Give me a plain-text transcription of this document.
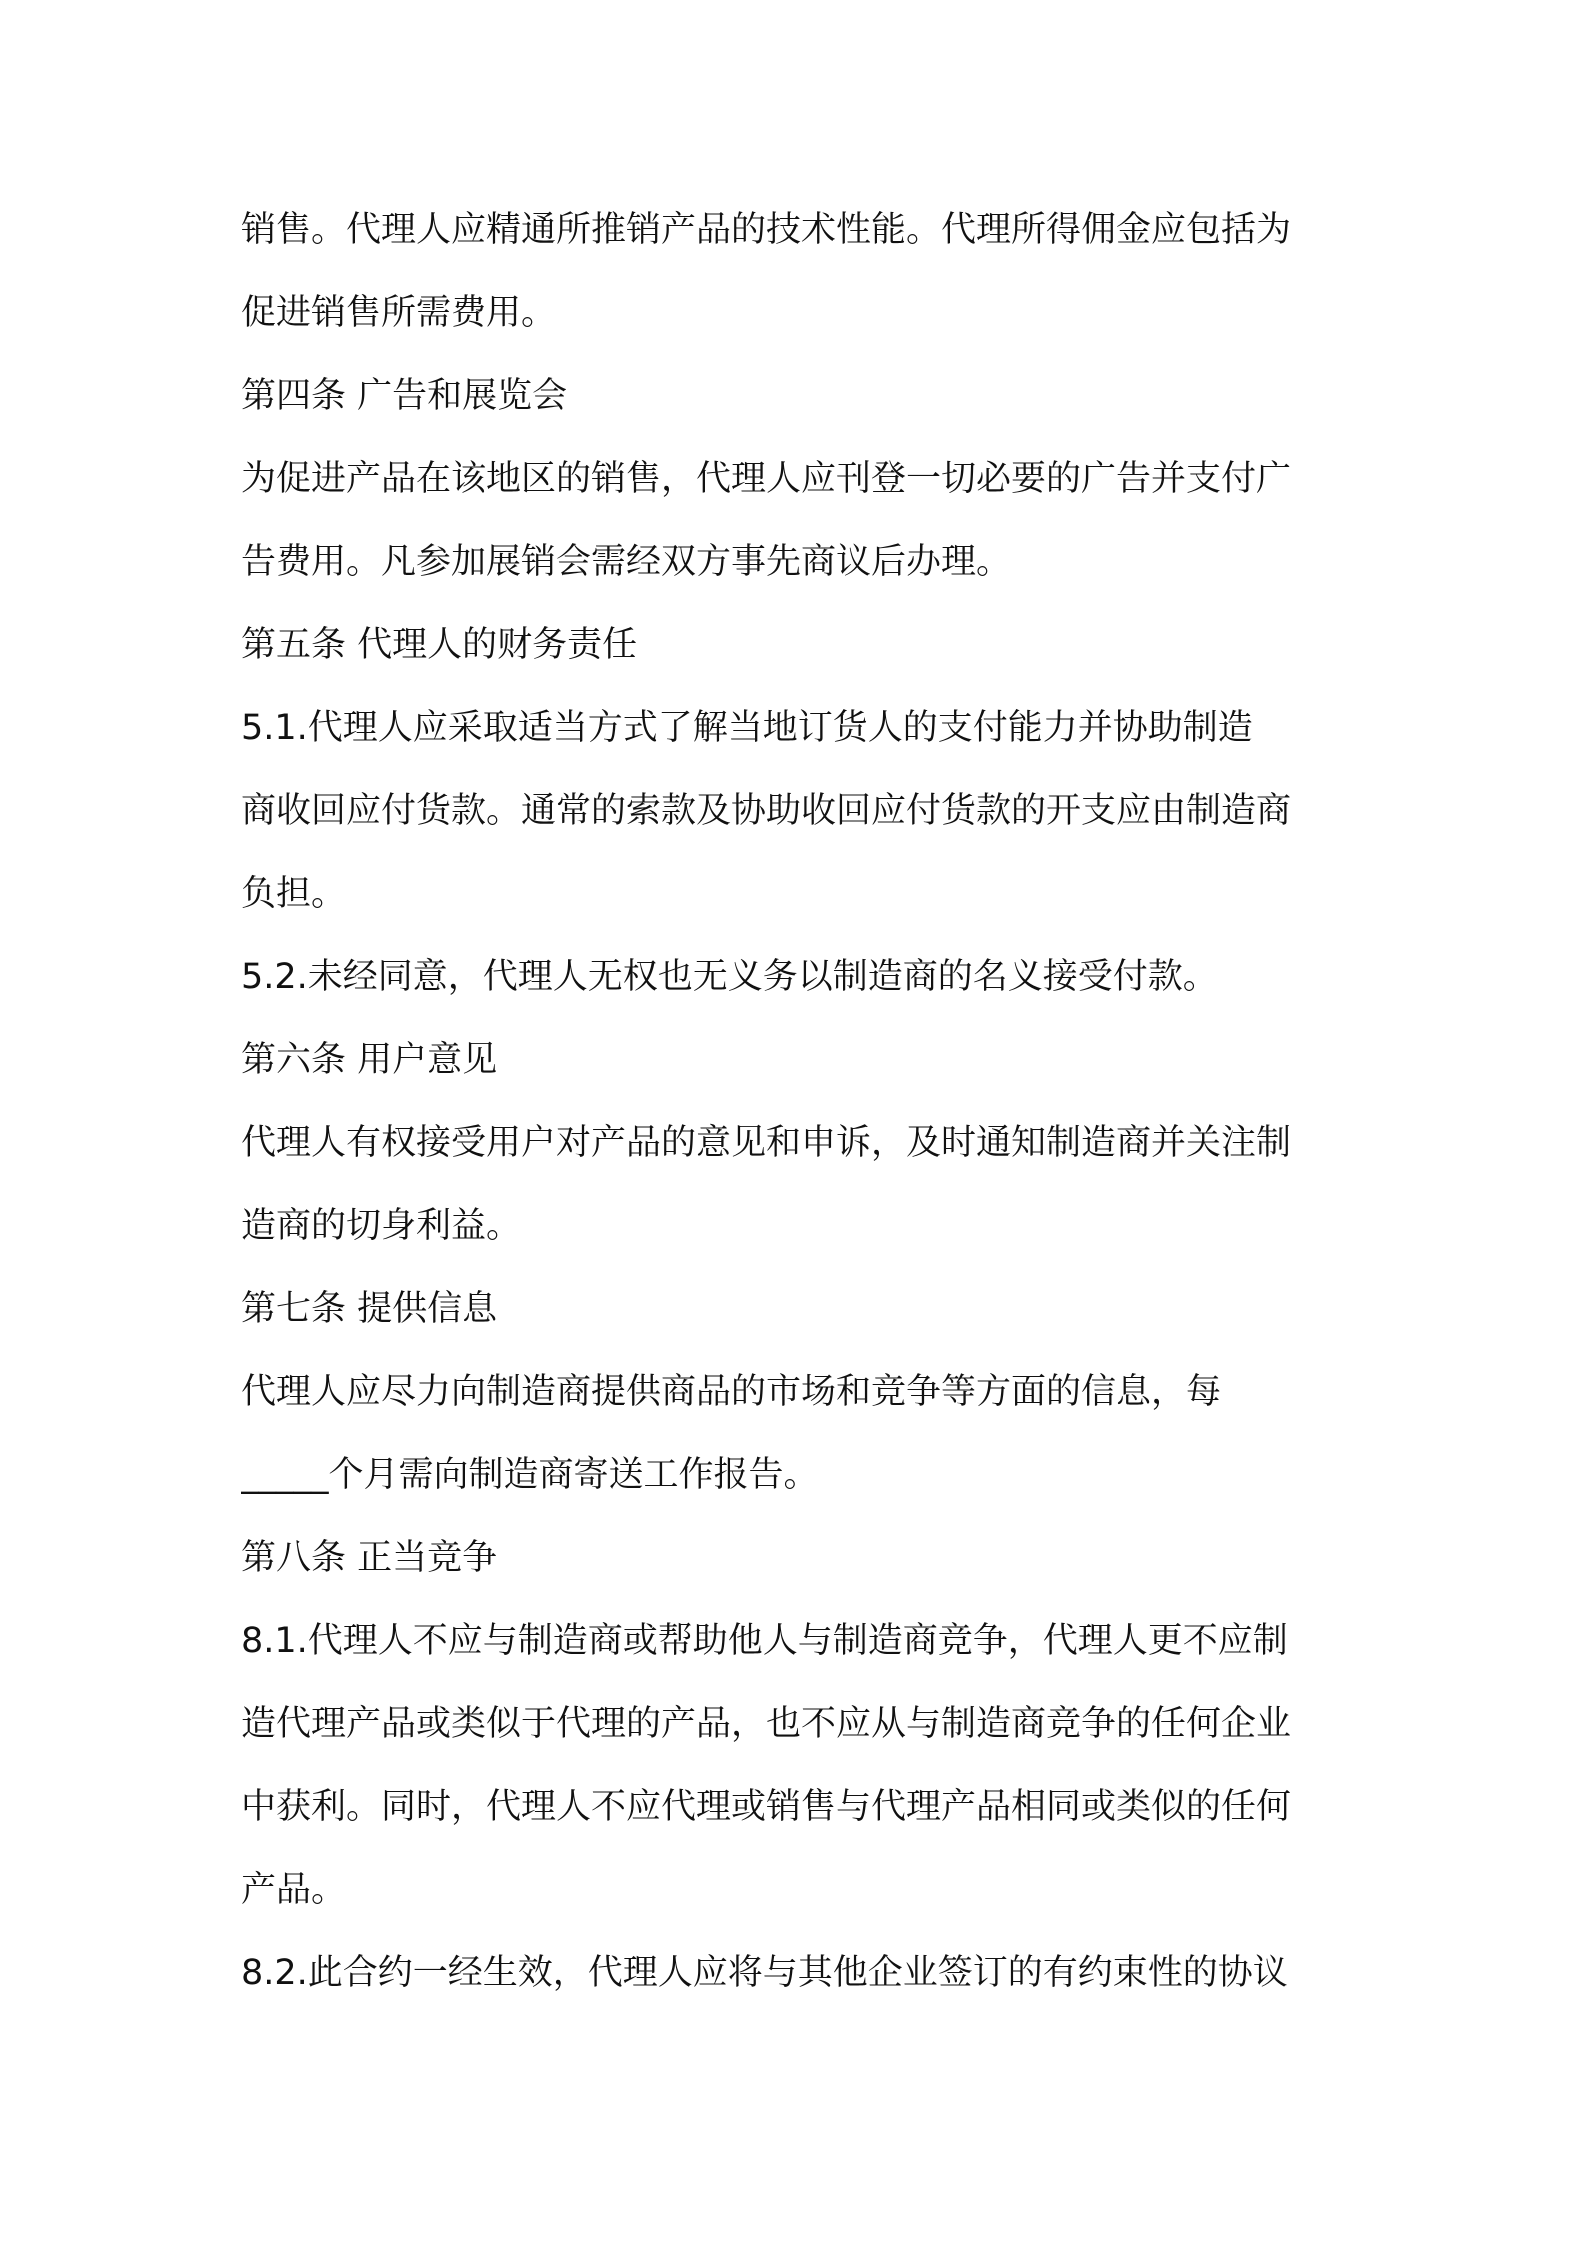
销售。代理人应精通所推销产品的技术性能。代理所得佣金应包括为
促进销售所需费用。
第四条 广告和展览会
为促进产品在该地区的销售，代理人应刊登一切必要的广告并支付广
告费用。凡参加展销会需经双方事先商议后办理。
第五条 代理人的财务责任
5.1.代理人应采取适当方式了解当地订货人的支付能力并协助制造
商收回应付货款。通常的索款及协助收回应付货款的开支应由制造商
负担。
5.2.未经同意，代理人无权也无义务以制造商的名义接受付款。
第六条 用户意见
代理人有权接受用户对产品的意见和申诉，及时通知制造商并关注制
造商的切身利益。
第七条 提供信息
代理人应尽力向制造商提供商品的市场和竞争等方面的信息，每
_____个月需向制造商寄送工作报告。
第八条 正当竞争
8.1.代理人不应与制造商或帮助他人与制造商竞争，代理人更不应制
造代理产品或类似于代理的产品，也不应从与制造商竞争的任何企业
中获利。同时，代理人不应代理或销售与代理产品相同或类似的任何
产品。
8.2.此合约一经生效，代理人应将与其他企业签订的有约束性的协议
